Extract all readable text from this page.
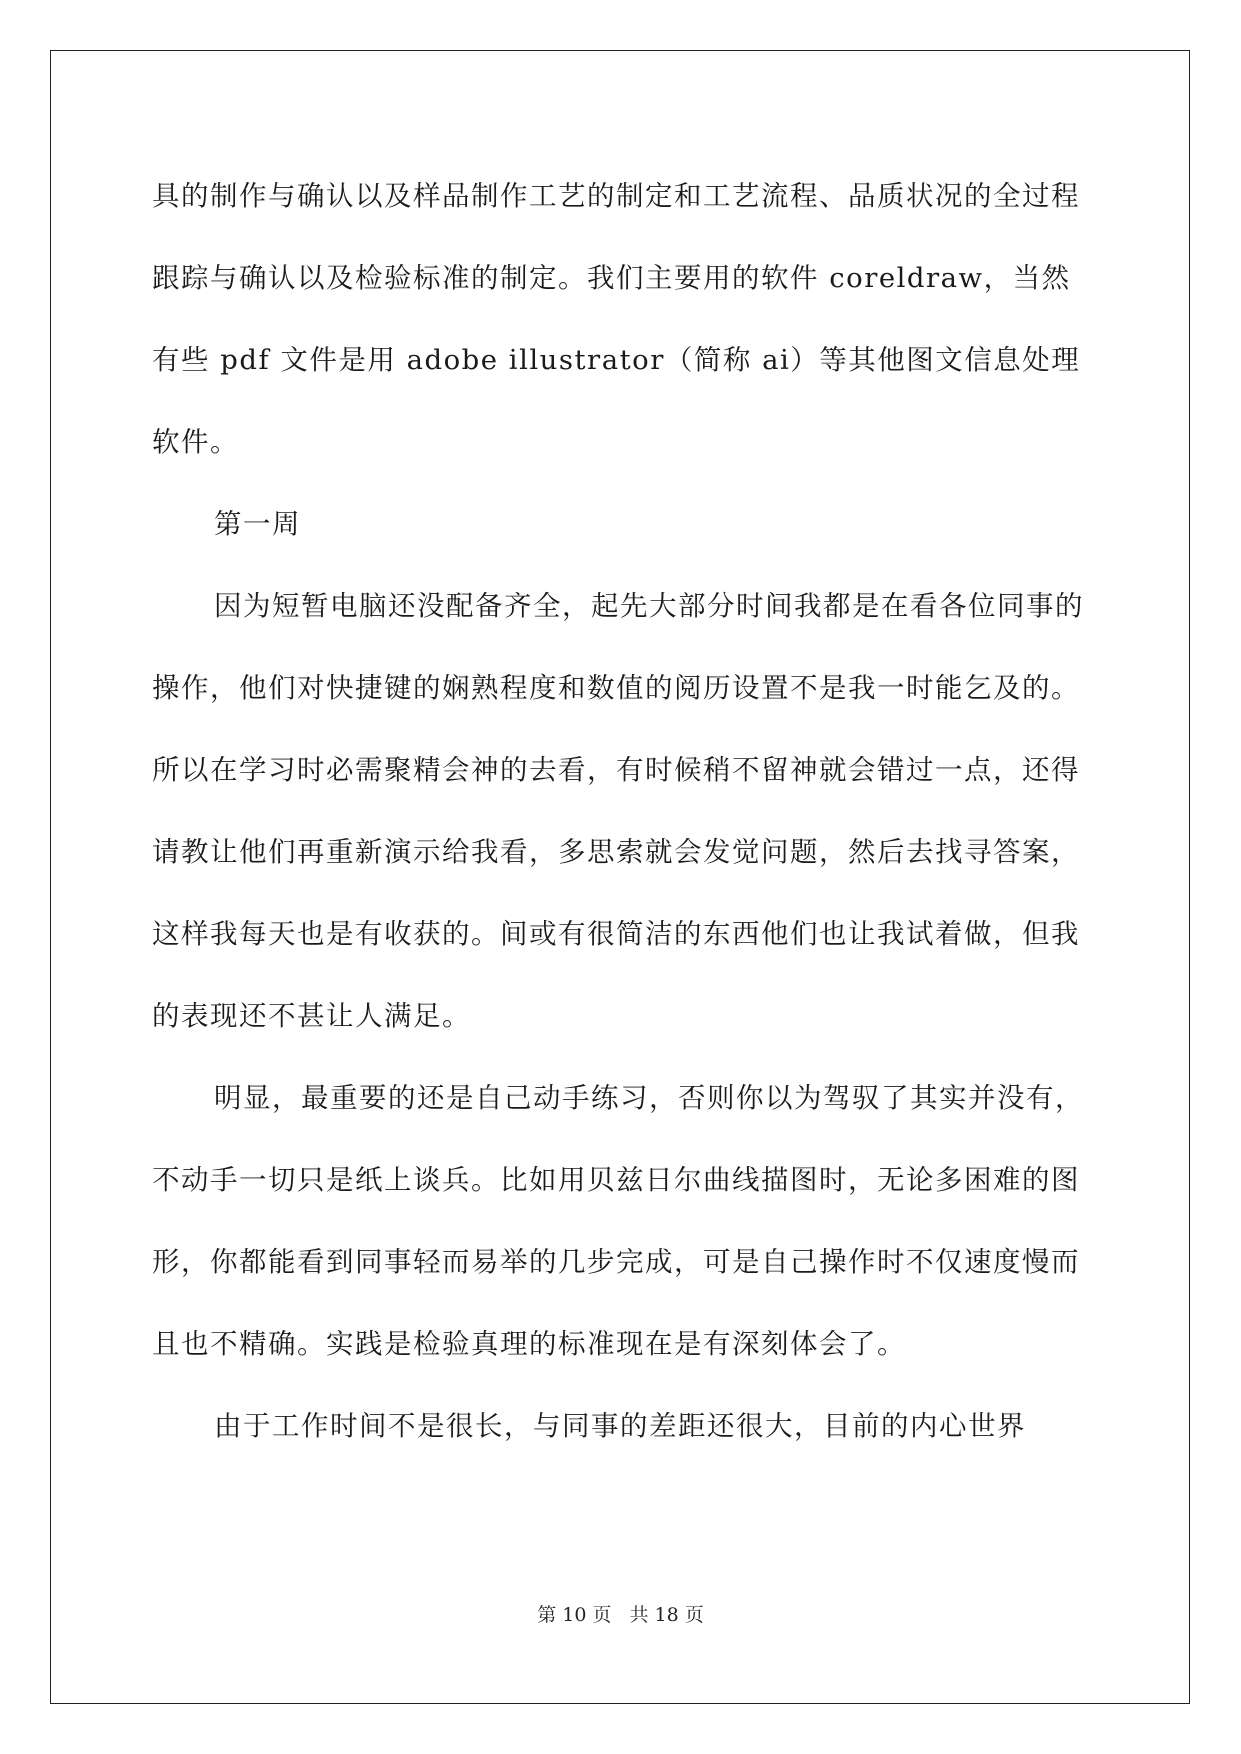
具的制作与确认以及样品制作工艺的制定和工艺流程、品质状况的全过程跟踪与确认以及检验标准的制定。我们主要用的软件 coreldraw，当然有些 pdf 文件是用 adobe illustrator（简称 ai）等其他图文信息处理软件。

第一周

因为短暂电脑还没配备齐全，起先大部分时间我都是在看各位同事的操作，他们对快捷键的娴熟程度和数值的阅历设置不是我一时能乞及的。所以在学习时必需聚精会神的去看，有时候稍不留神就会错过一点，还得请教让他们再重新演示给我看，多思索就会发觉问题，然后去找寻答案，这样我每天也是有收获的。间或有很简洁的东西他们也让我试着做，但我的表现还不甚让人满足。

明显，最重要的还是自己动手练习，否则你以为驾驭了其实并没有，不动手一切只是纸上谈兵。比如用贝兹日尔曲线描图时，无论多困难的图形，你都能看到同事轻而易举的几步完成，可是自己操作时不仅速度慢而且也不精确。实践是检验真理的标准现在是有深刻体会了。

由于工作时间不是很长，与同事的差距还很大，目前的内心世界

第 10 页 共 18 页
